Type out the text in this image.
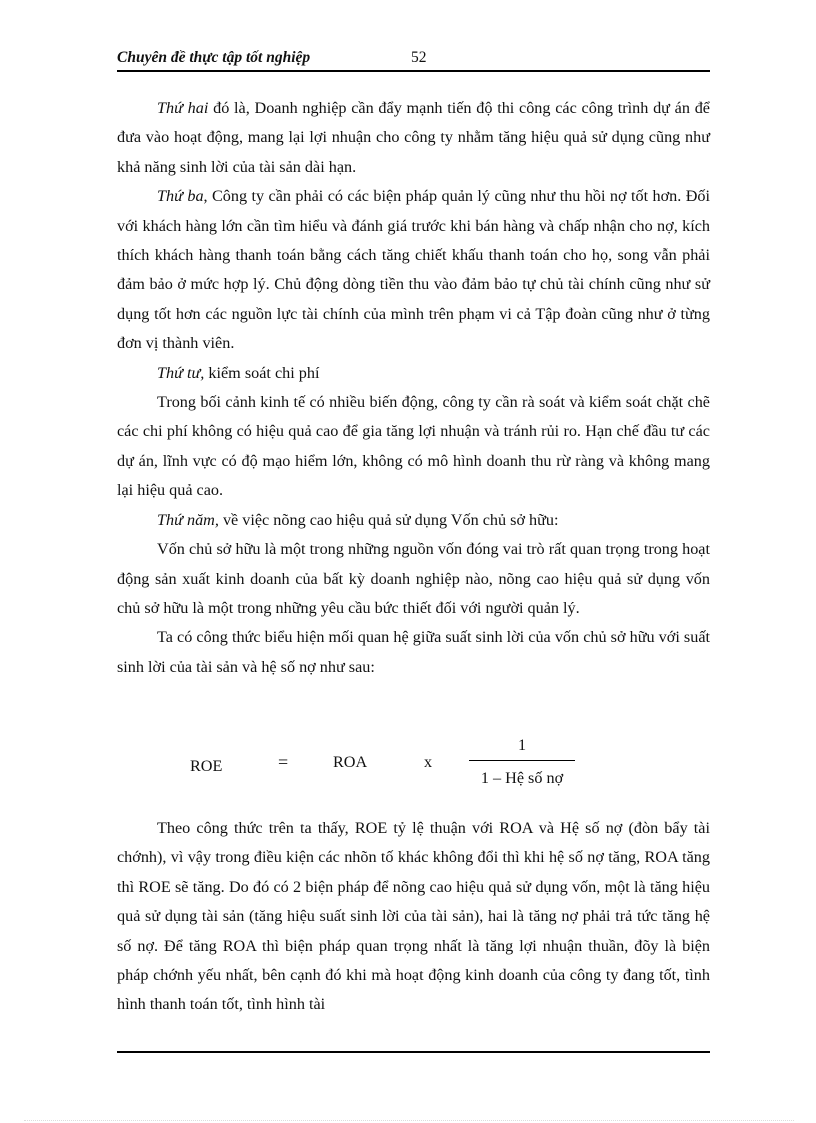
Chuyên đề thực tập tốt nghiệp	52

Thứ hai đó là, Doanh nghiệp cần đẩy mạnh tiến độ thi công các công trình dự án để đưa vào hoạt động, mang lại lợi nhuận cho công ty nhằm tăng hiệu quả sử dụng cũng như khả năng sinh lời của tài sản dài hạn.

Thứ ba, Công ty cần phải có các biện pháp quản lý cũng như thu hồi nợ tốt hơn. Đối với khách hàng lớn cần tìm hiểu và đánh giá trước khi bán hàng và chấp nhận cho nợ, kích thích khách hàng thanh toán bằng cách tăng chiết khấu thanh toán cho họ, song vẫn phải đảm bảo ở mức hợp lý. Chủ động dòng tiền thu vào đảm bảo tự chủ tài chính cũng như sử dụng tốt hơn các nguồn lực tài chính của mình trên phạm vi cả Tập đoàn cũng như ở từng đơn vị thành viên.

Thứ tư, kiểm soát chi phí

Trong bối cảnh kinh tế có nhiều biến động, công ty cần rà soát và kiểm soát chặt chẽ các chi phí không có hiệu quả cao để gia tăng lợi nhuận và tránh rủi ro. Hạn chế đầu tư các dự án, lĩnh vực có độ mạo hiểm lớn, không có mô hình doanh thu rừ ràng và không mang lại hiệu quả cao.

Thứ năm, về việc nõng cao hiệu quả sử dụng Vốn chủ sở hữu:

Vốn chủ sở hữu là một trong những nguồn vốn đóng vai trò rất quan trọng trong hoạt động sản xuất kinh doanh của bất kỳ doanh nghiệp nào, nõng cao hiệu quả sử dụng vốn chủ sở hữu là một trong những yêu cầu bức thiết đối với người quản lý.

Ta có công thức biểu hiện mối quan hệ giữa suất sinh lời của vốn chủ sở hữu với suất sinh lời của tài sản và hệ số nợ như sau:

ROE	=	ROA	x
1
1 – Hệ số nợ

Theo công thức trên ta thấy, ROE tỷ lệ thuận với ROA và Hệ số nợ (đòn bẩy tài chớnh), vì vậy trong điều kiện các nhõn tố khác không đổi thì khi hệ số nợ tăng, ROA tăng thì ROE sẽ tăng. Do đó có 2 biện pháp để nõng cao hiệu quả sử dụng vốn, một là tăng hiệu quả sử dụng tài sản (tăng hiệu suất sinh lời của tài sản), hai là tăng nợ phải trả tức tăng hệ số nợ. Để tăng ROA thì biện pháp quan trọng nhất là tăng lợi nhuận thuần, đõy là biện pháp chớnh yếu nhất, bên cạnh đó khi mà hoạt động kinh doanh của công ty đang tốt, tình hình thanh toán tốt, tình hình tài
